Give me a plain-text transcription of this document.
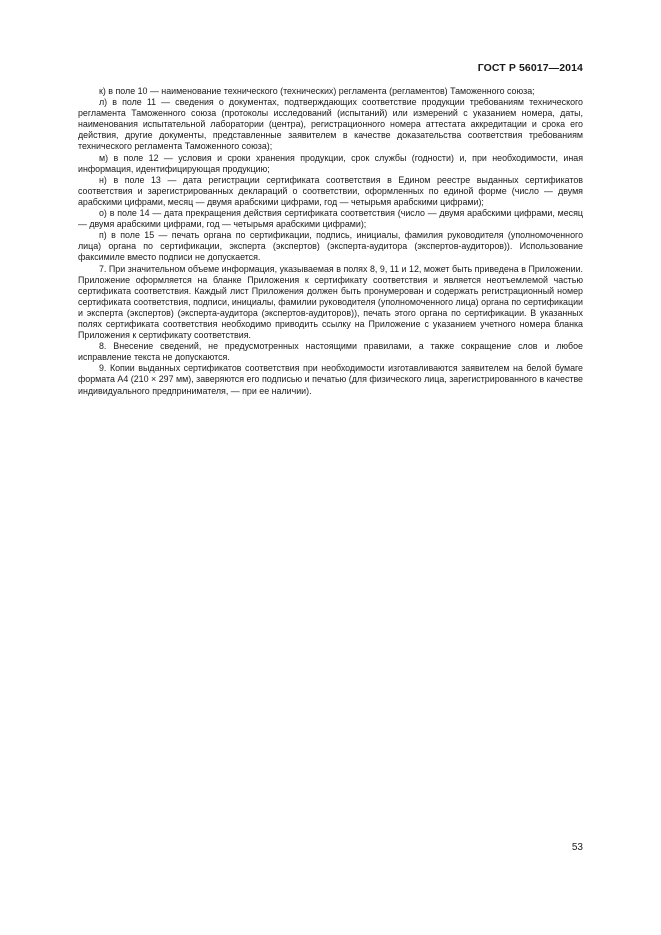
ГОСТ Р 56017—2014

к) в поле 10 — наименование технического (технических) регламента (регламентов) Таможенного союза;

л) в поле 11 — сведения о документах, подтверждающих соответствие продукции требованиям технического регламента Таможенного союза (протоколы исследований (испытаний) или измерений с указанием номера, даты, наименования испытательной лаборатории (центра), регистрационного номера аттестата аккредитации и срока его действия, другие документы, представленные заявителем в качестве доказательства соответствия требованиям технического регламента Таможенного союза);

м) в поле 12 — условия и сроки хранения продукции, срок службы (годности) и, при необходимости, иная информация, идентифицирующая продукцию;

н) в поле 13 — дата регистрации сертификата соответствия в Едином реестре выданных сертификатов соответствия и зарегистрированных деклараций о соответствии, оформленных по единой форме (число — двумя арабскими цифрами, месяц — двумя арабскими цифрами, год — четырьмя арабскими цифрами);

о) в поле 14 — дата прекращения действия сертификата соответствия (число — двумя арабскими цифрами, месяц — двумя арабскими цифрами, год — четырьмя арабскими цифрами);

п) в поле 15 — печать органа по сертификации, подпись, инициалы, фамилия руководителя (уполномоченного лица) органа по сертификации, эксперта (экспертов) (эксперта-аудитора (экспертов-аудиторов)). Использование факсимиле вместо подписи не допускается.

7. При значительном объеме информация, указываемая в полях 8, 9, 11 и 12, может быть приведена в Приложении. Приложение оформляется на бланке Приложения к сертификату соответствия и является неотъемлемой частью сертификата соответствия. Каждый лист Приложения должен быть пронумерован и содержать регистрационный номер сертификата соответствия, подписи, инициалы, фамилии руководителя (уполномоченного лица) органа по сертификации и эксперта (экспертов) (эксперта-аудитора (экспертов-аудиторов)), печать этого органа по сертификации. В указанных полях сертификата соответствия необходимо приводить ссылку на Приложение с указанием учетного номера бланка Приложения к сертификату соответствия.

8. Внесение сведений, не предусмотренных настоящими правилами, а также сокращение слов и любое исправление текста не допускаются.

9. Копии выданных сертификатов соответствия при необходимости изготавливаются заявителем на белой бумаге формата А4 (210 × 297 мм), заверяются его подписью и печатью (для физического лица, зарегистрированного в качестве индивидуального предпринимателя, — при ее наличии).

53
